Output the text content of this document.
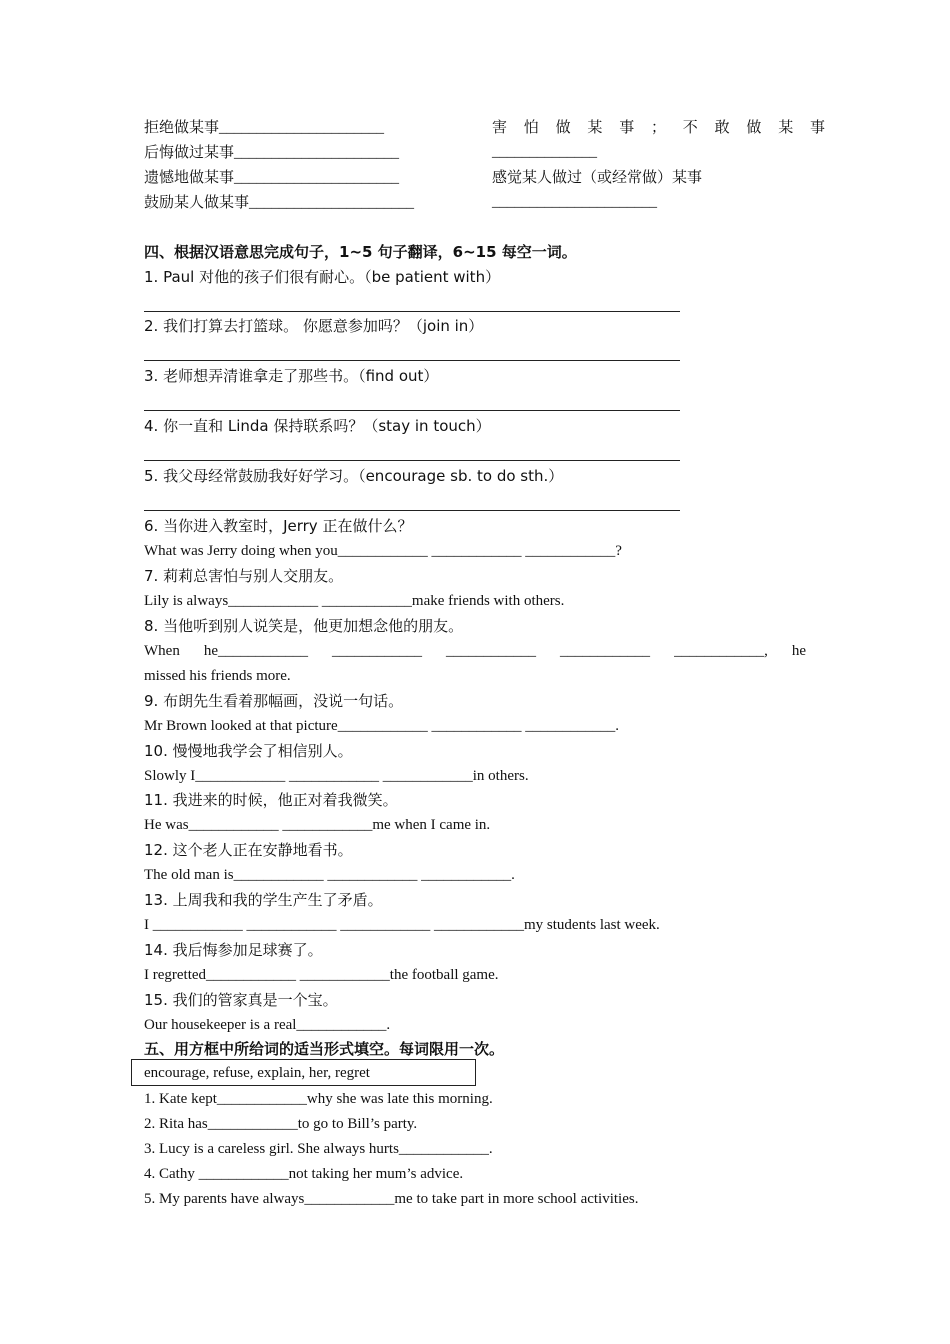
拒绝做某事______________________
后悔做过某事______________________
遗憾地做某事______________________
鼓励某人做某事______________________
害怕做某事；不敢做某事
______________
感觉某人做过（或经常做）某事
______________________
四、根据汉语意思完成句子，1~5 句子翻译，6~15 每空一词。
1. Paul 对他的孩子们很有耐心。（be patient with）
2. 我们打算去打篮球。 你愿意参加吗？（join in）
3. 老师想弄清谁拿走了那些书。（find out）
4. 你一直和 Linda 保持联系吗？（stay in touch）
5. 我父母经常鼓励我好好学习。（encourage sb. to do sth.）
6. 当你进入教室时，Jerry 正在做什么？
What was Jerry doing when you____________ ____________ ____________?
7. 莉莉总害怕与别人交朋友。
Lily is always____________ ____________make friends with others.
8. 当他听到别人说笑是，他更加想念他的朋友。
When he____________ ____________ ____________ ____________ ____________, he
missed his friends more.
9. 布朗先生看着那幅画，没说一句话。
Mr Brown looked at that picture____________ ____________ ____________.
10. 慢慢地我学会了相信别人。
Slowly I____________ ____________ ____________in others.
11. 我进来的时候，他正对着我微笑。
He was____________ ____________me when I came in.
12. 这个老人正在安静地看书。
The old man is____________ ____________ ____________.
13. 上周我和我的学生产生了矛盾。
I ____________ ____________ ____________ ____________my students last week.
14. 我后悔参加足球赛了。
I regretted____________ ____________the football game.
15. 我们的管家真是一个宝。
Our housekeeper is a real____________.
五、用方框中所给词的适当形式填空。每词限用一次。
encourage, refuse, explain, her, regret
1. Kate kept____________why she was late this morning.
2. Rita has____________to go to Bill’s party.
3. Lucy is a careless girl. She always hurts____________.
4. Cathy ____________not taking her mum’s advice.
5. My parents have always____________me to take part in more school activities.
